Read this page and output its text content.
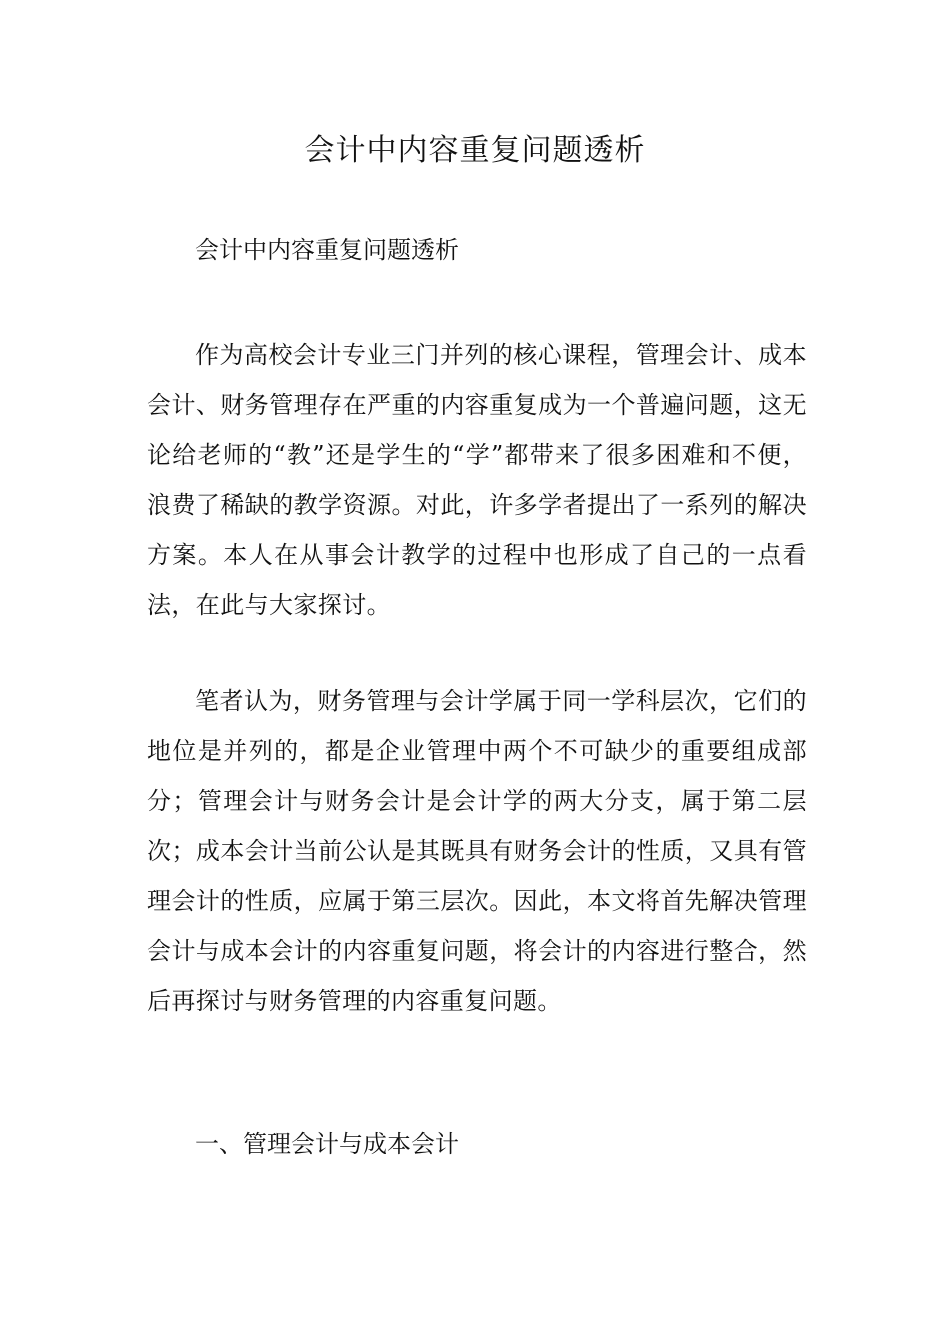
会计中内容重复问题透析

会计中内容重复问题透析

作为高校会计专业三门并列的核心课程，管理会计、成本会计、财务管理存在严重的内容重复成为一个普遍问题，这无论给老师的“教”还是学生的“学”都带来了很多困难和不便，浪费了稀缺的教学资源。对此，许多学者提出了一系列的解决方案。本人在从事会计教学的过程中也形成了自己的一点看法，在此与大家探讨。

笔者认为，财务管理与会计学属于同一学科层次，它们的地位是并列的，都是企业管理中两个不可缺少的重要组成部分；管理会计与财务会计是会计学的两大分支，属于第二层次；成本会计当前公认是其既具有财务会计的性质，又具有管理会计的性质，应属于第三层次。因此，本文将首先解决管理会计与成本会计的内容重复问题，将会计的内容进行整合，然后再探讨与财务管理的内容重复问题。

一、管理会计与成本会计
